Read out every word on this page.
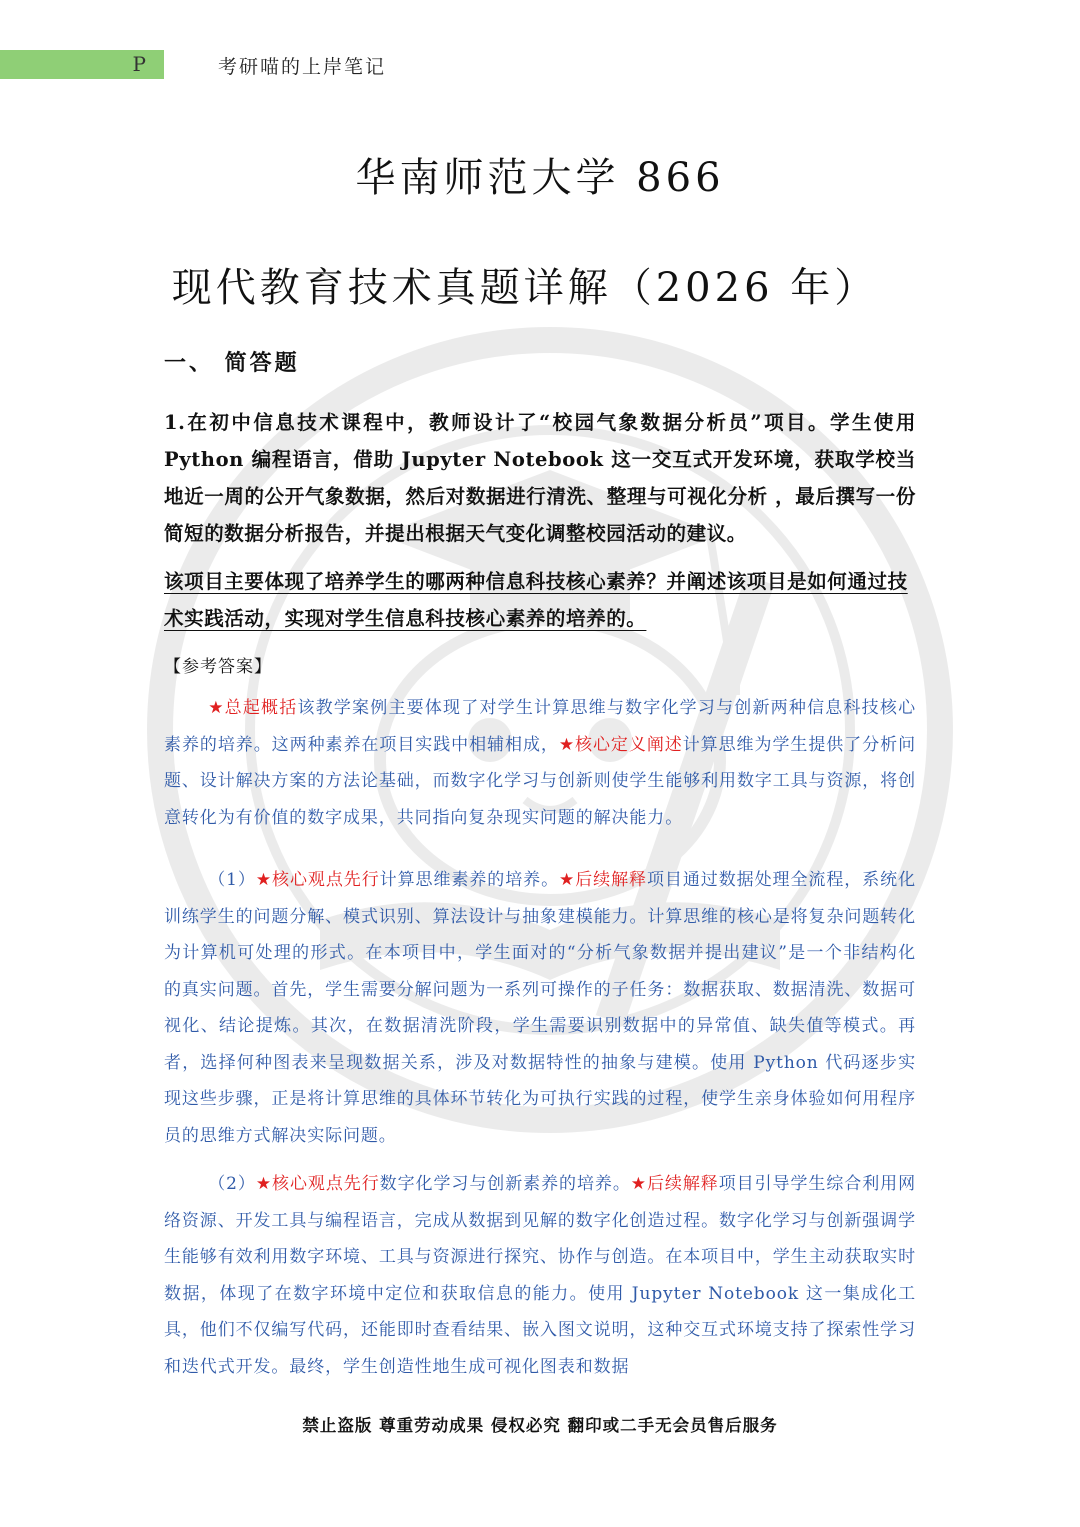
P	考研喵的上岸笔记
华南师范大学 866
现代教育技术真题详解（2026 年）
一、 简答题
1.在初中信息技术课程中，教师设计了“校园气象数据分析员”项目。学生使用 Python 编程语言，借助 Jupyter Notebook 这一交互式开发环境，获取学校当地近一周的公开气象数据，然后对数据进行清洗、整理与可视化分析 ，最后撰写一份简短的数据分析报告，并提出根据天气变化调整校园活动的建议。
该项目主要体现了培养学生的哪两种信息科技核心素养？并阐述该项目是如何通过技术实践活动，实现对学生信息科技核心素养的培养的。
【参考答案】
★总起概括该教学案例主要体现了对学生计算思维与数字化学习与创新两种信息科技核心素养的培养。这两种素养在项目实践中相辅相成，★核心定义阐述计算思维为学生提供了分析问题、设计解决方案的方法论基础，而数字化学习与创新则使学生能够利用数字工具与资源，将创意转化为有价值的数字成果，共同指向复杂现实问题的解决能力。
（1）★核心观点先行计算思维素养的培养。★后续解释项目通过数据处理全流程，系统化训练学生的问题分解、模式识别、算法设计与抽象建模能力。计算思维的核心是将复杂问题转化为计算机可处理的形式。在本项目中，学生面对的“分析气象数据并提出建议”是一个非结构化的真实问题。首先，学生需要分解问题为一系列可操作的子任务：数据获取、数据清洗、数据可视化、结论提炼。其次，在数据清洗阶段，学生需要识别数据中的异常值、缺失值等模式。再者，选择何种图表来呈现数据关系，涉及对数据特性的抽象与建模。使用 Python 代码逐步实现这些步骤，正是将计算思维的具体环节转化为可执行实践的过程，使学生亲身体验如何用程序员的思维方式解决实际问题。
（2）★核心观点先行数字化学习与创新素养的培养。★后续解释项目引导学生综合利用网络资源、开发工具与编程语言，完成从数据到见解的数字化创造过程。数字化学习与创新强调学生能够有效利用数字环境、工具与资源进行探究、协作与创造。在本项目中，学生主动获取实时数据，体现了在数字环境中定位和获取信息的能力。使用 Jupyter Notebook 这一集成化工具，他们不仅编写代码，还能即时查看结果、嵌入图文说明，这种交互式环境支持了探索性学习和迭代式开发。最终，学生创造性地生成可视化图表和数据
禁止盗版 尊重劳动成果 侵权必究 翻印或二手无会员售后服务
